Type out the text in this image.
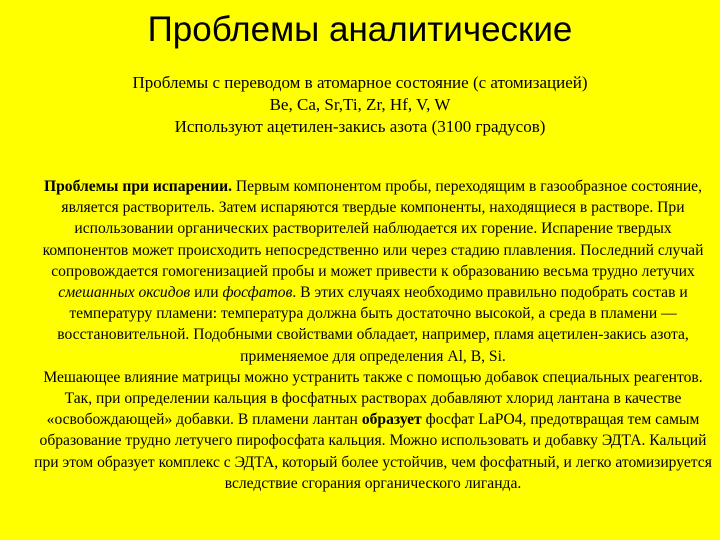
Проблемы аналитические
Проблемы с переводом в атомарное состояние (с атомизацией)
Be, Ca, Sr,Ti, Zr, Hf, V, W
Используют ацетилен-закись азота (3100 градусов)

Проблемы при испарении. Первым компонентом пробы, переходящим в газообразное состояние, является растворитель. Затем испаряются твердые компоненты, находящиеся в растворе. При использовании органических растворителей наблюдается их горение. Испарение твердых компонентов может происходить непосредственно или через стадию плавления. Последний случай сопровождается гомогенизацией пробы и может привести к образованию весьма трудно летучих смешанных оксидов или фосфатов. В этих случаях необходимо правильно подобрать состав и температуру пламени: температура должна быть достаточно высокой, а среда в пламени — восстановительной. Подобными свойствами обладает, например, пламя ацетилен-закись азота, применяемое для определения Al, B, Si.

Мешающее влияние матрицы можно устранить также с помощью добавок специальных реагентов. Так, при определении кальция в фосфатных растворах добавляют хлорид лантана в качестве «освобождающей» добавки. В пламени лантан образует фосфат LaPO4, предотвращая тем самым образование трудно летучего пирофосфата кальция. Можно использовать и добавку ЭДТА. Кальций при этом образует комплекс с ЭДТА, который более устойчив, чем фосфатный, и легко атомизируется вследствие сгорания органического лиганда.
